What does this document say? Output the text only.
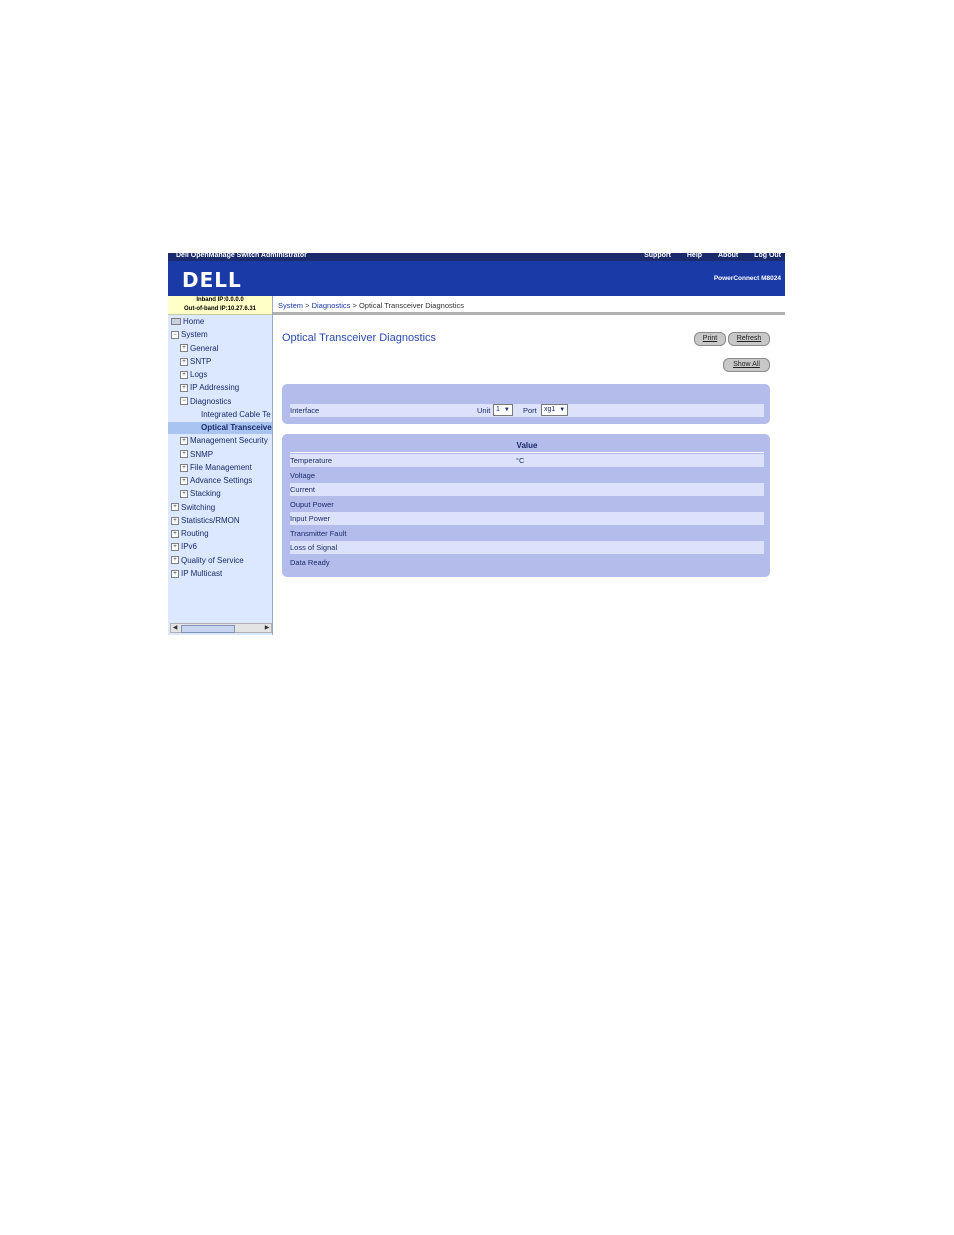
Dell OpenManage Switch Administrator	Support Help About Log Out
DELL	PowerConnect M8024
Inband IP:0.0.0.0
Out-of-band IP:10.27.6.31
Home
− System
+ General
+ SNTP
+ Logs
+ IP Addressing
− Diagnostics
Integrated Cable Te
Optical Transceive
+ Management Security
+ SNMP
+ File Management
+ Advance Settings
+ Stacking
+ Switching
+ Statistics/RMON
+ Routing
+ IPv6
+ Quality of Service
+ IP Multicast
◀	▶
System > Diagnostics > Optical Transceiver Diagnostics
Optical Transceiver Diagnostics	Print	Refresh
Show All
Interface	Unit 1 ▼	Port	xg1 ▼
Value
Temperature	°C
Voltage
Current
Ouput Power
Input Power
Transmitter Fault
Loss of Signal
Data Ready
